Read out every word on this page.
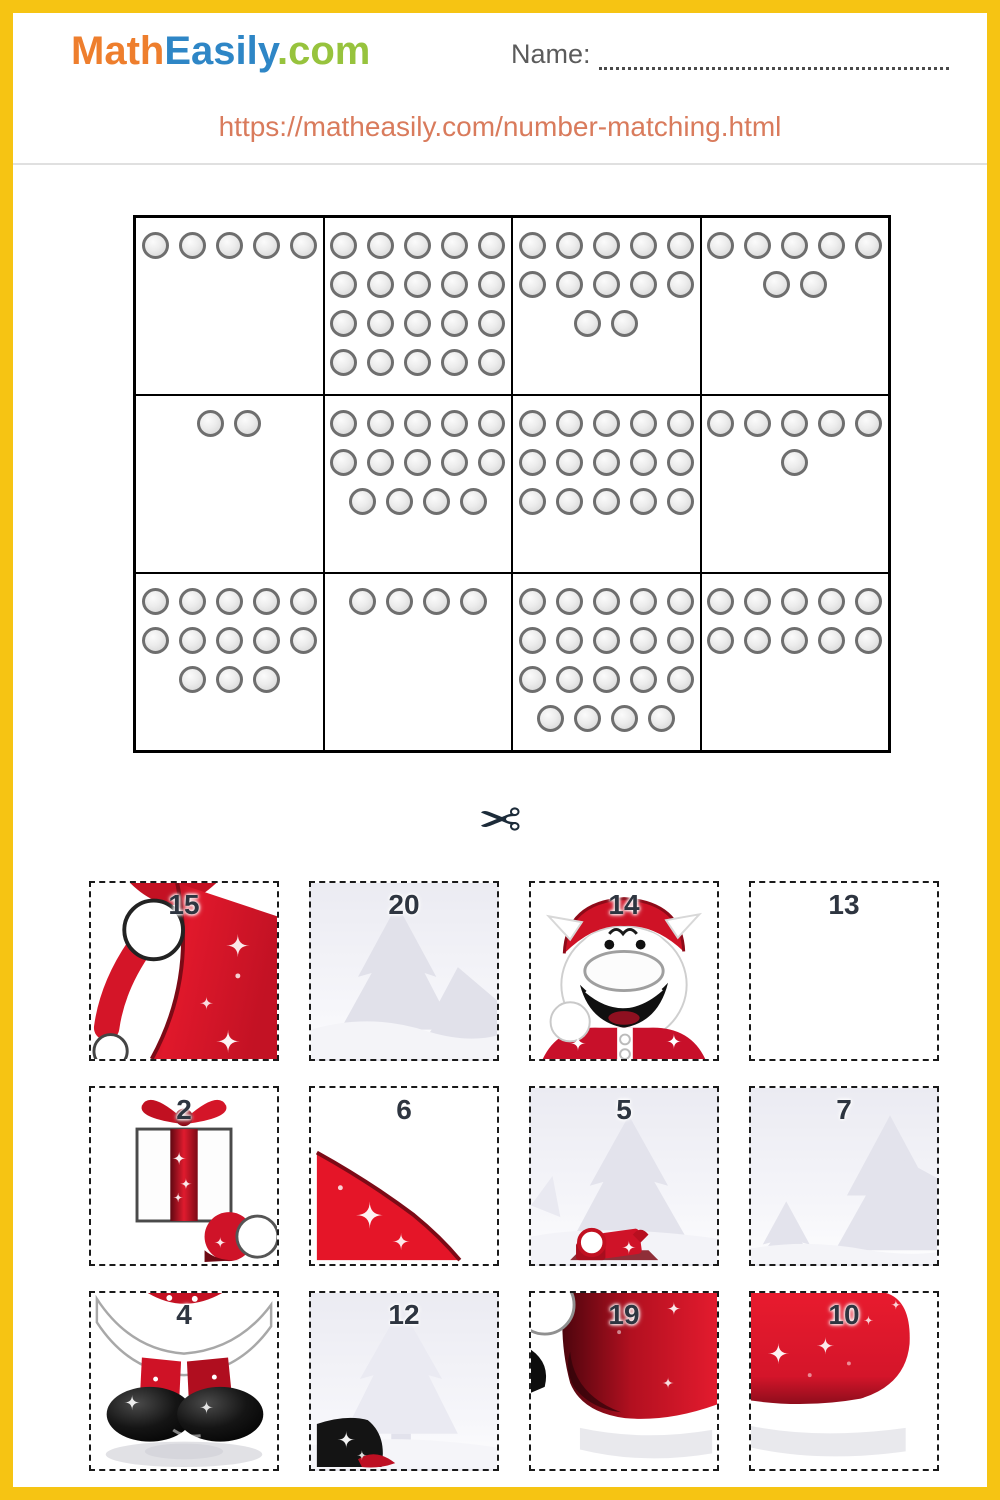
MathEasily.com	Name:
https://matheasily.com/number-matching.html
✂
15	20	14	13
2	6	5	7
4	12	19	10
